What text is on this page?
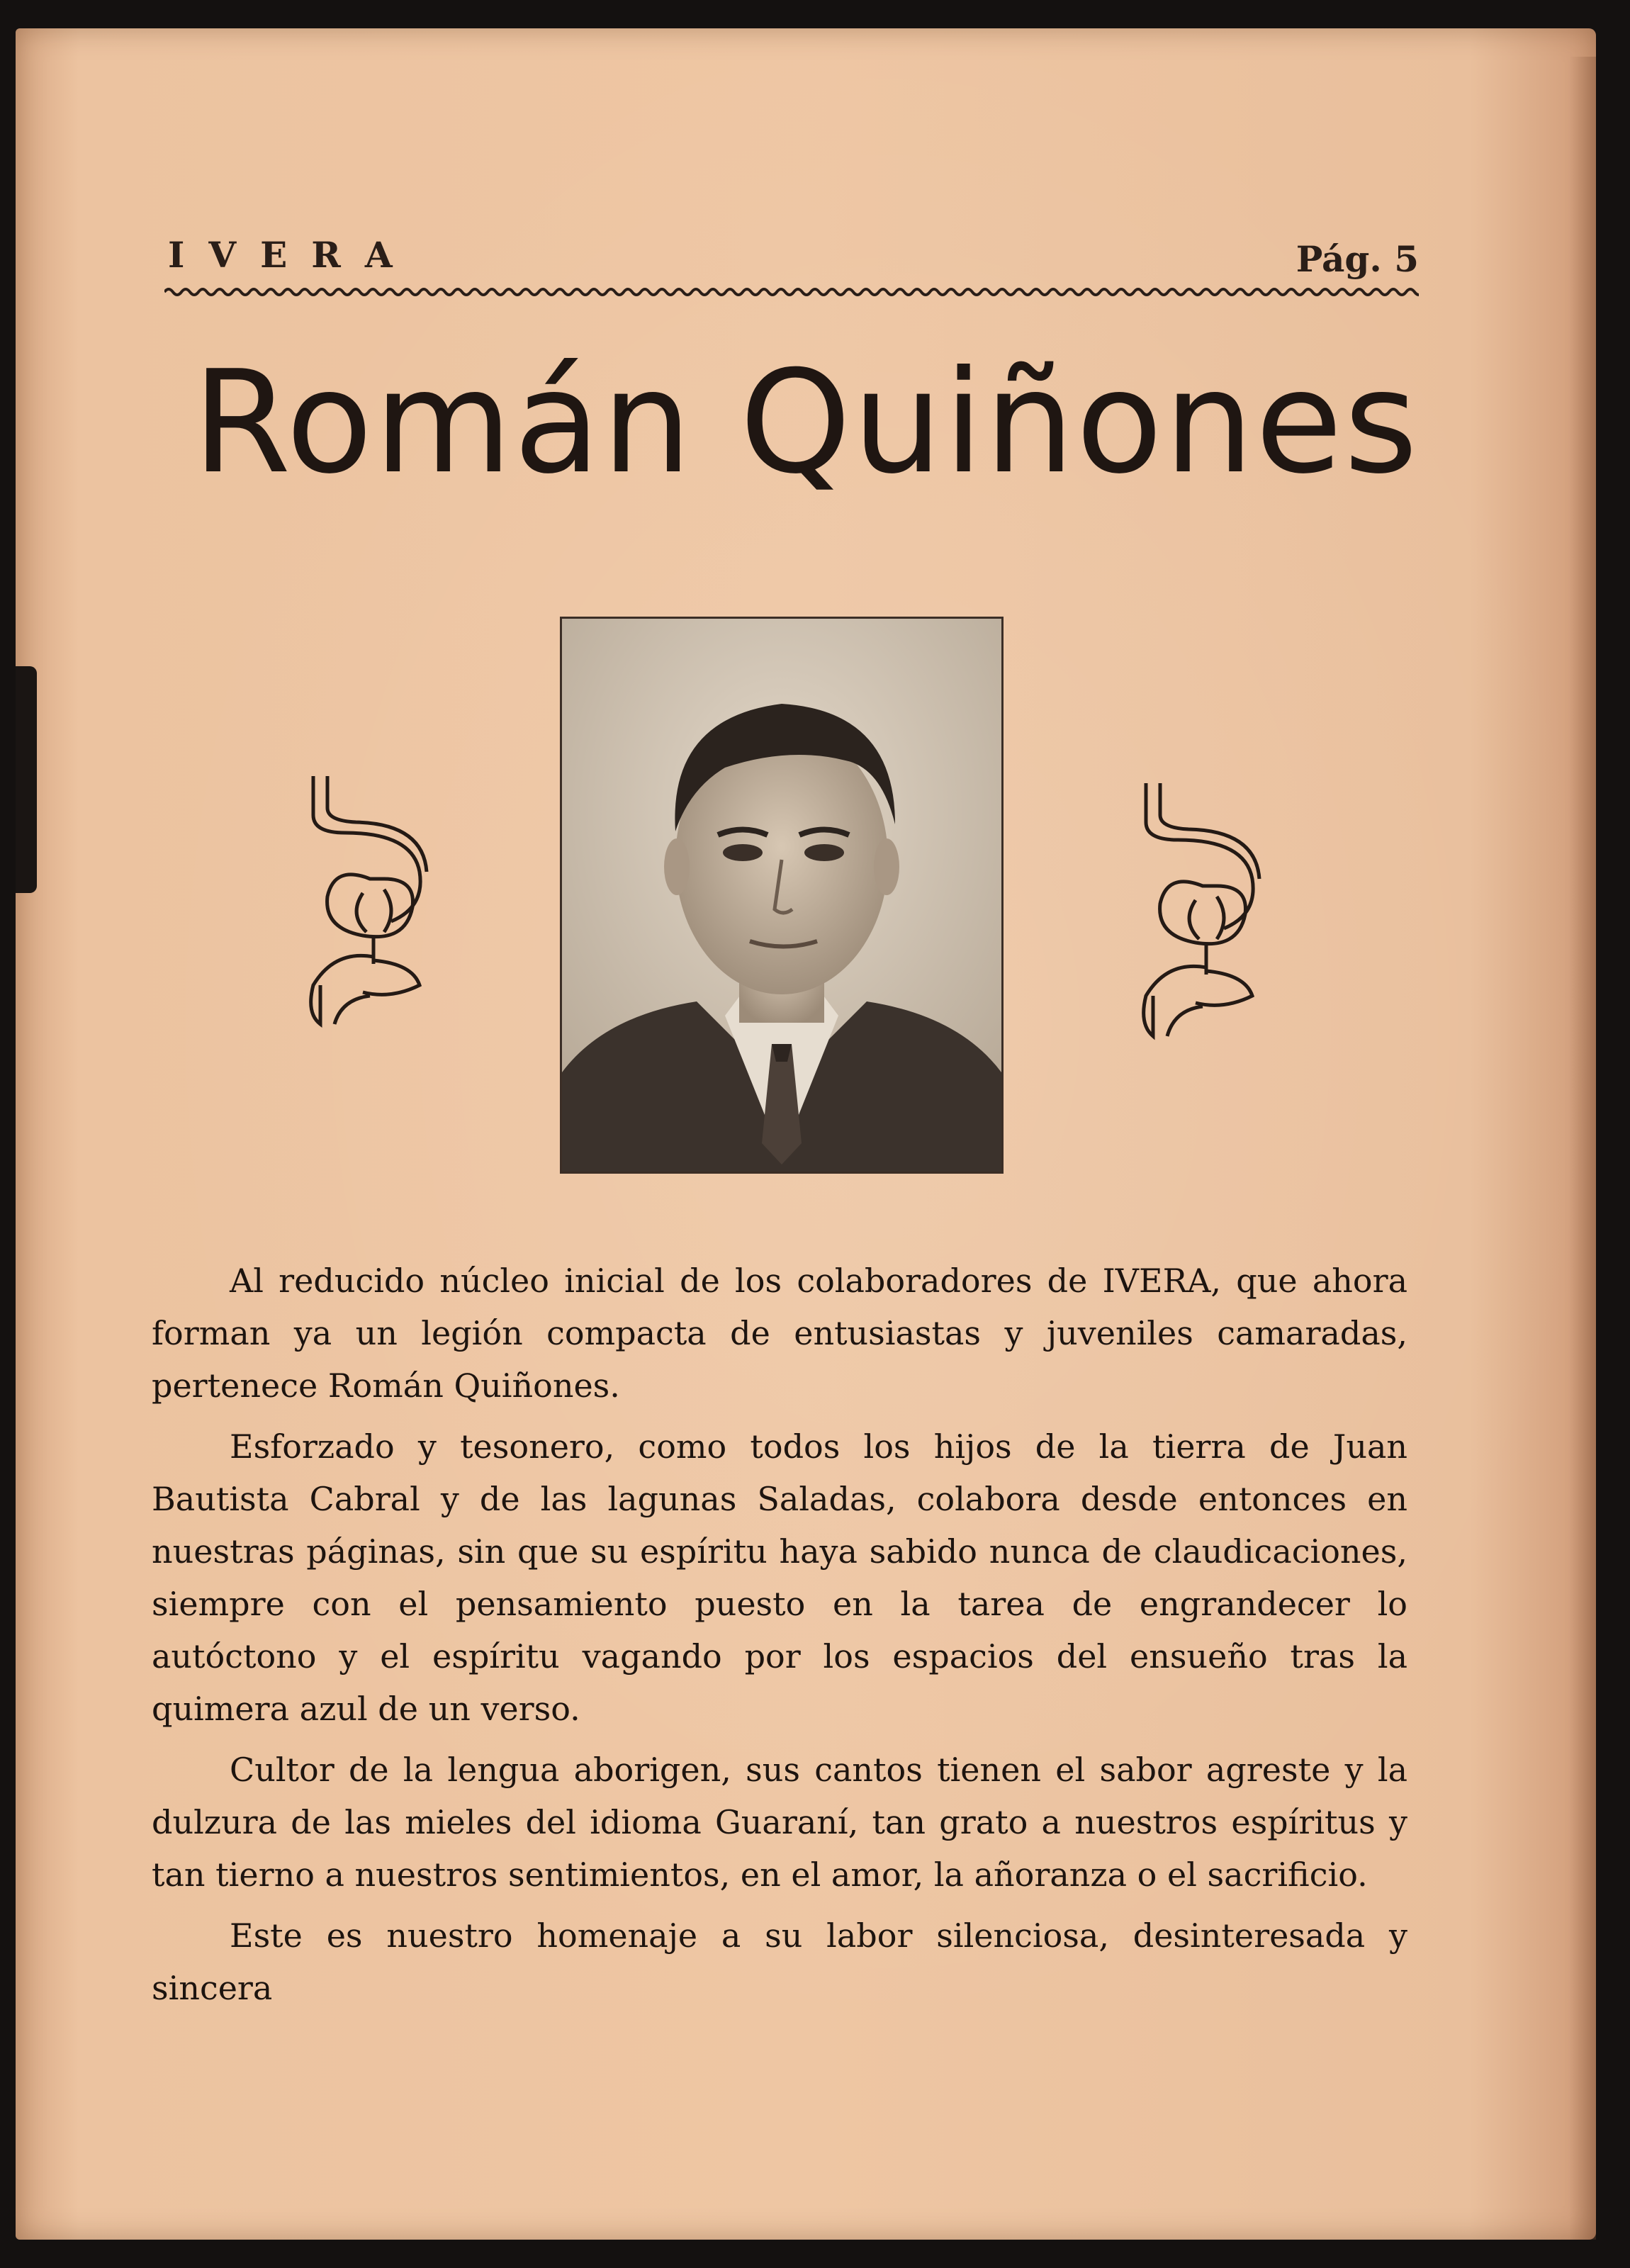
IVERA	Pág. 5
Román Quiñones

Al reducido núcleo inicial de los colaboradores de IVERA, que ahora forman ya un legión compacta de entusiastas y juveniles camaradas, pertenece Román Quiñones.

Esforzado y tesonero, como todos los hijos de la tierra de Juan Bautista Cabral y de las lagunas Saladas, colabora desde entonces en nuestras páginas, sin que su espíritu haya sabido nunca de claudicaciones, siempre con el pensamiento puesto en la tarea de engrandecer lo autóctono y el espíritu vagando por los espacios del ensueño tras la quimera azul de un verso.

Cultor de la lengua aborigen, sus cantos tienen el sabor agreste y la dulzura de las mieles del idioma Guaraní, tan grato a nuestros espíritus y tan tierno a nuestros sentimientos, en el amor, la añoranza o el sacrificio.

Este es nuestro homenaje a su labor silenciosa, desinteresada y sincera
